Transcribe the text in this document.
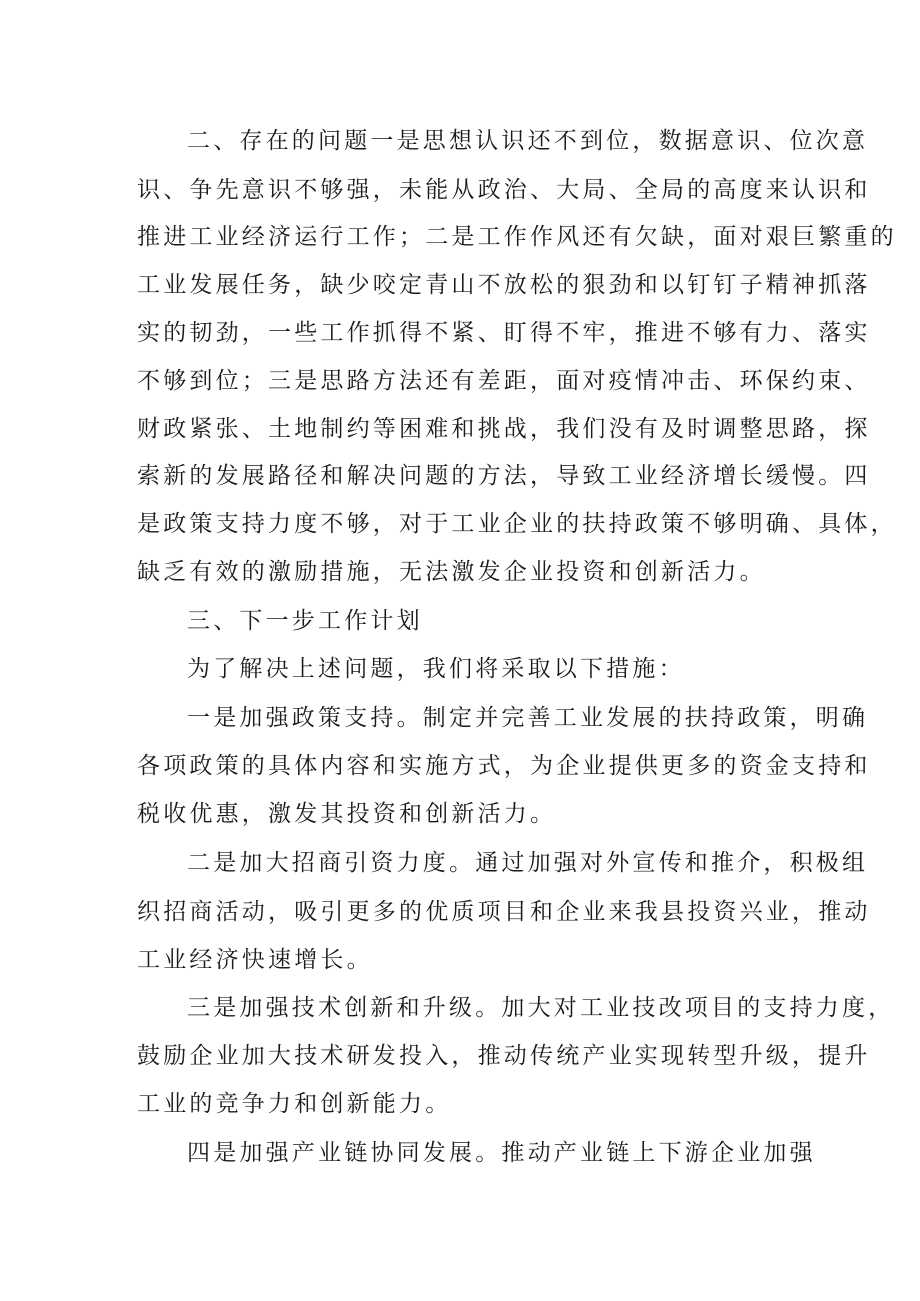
二、存在的问题一是思想认识还不到位，数据意识、位次意
识、争先意识不够强，未能从政治、大局、全局的高度来认识和
推进工业经济运行工作；二是工作作风还有欠缺，面对艰巨繁重的
工业发展任务，缺少咬定青山不放松的狠劲和以钉钉子精神抓落
实的韧劲，一些工作抓得不紧、盯得不牢，推进不够有力、落实
不够到位；三是思路方法还有差距，面对疫情冲击、环保约束、
财政紧张、土地制约等困难和挑战，我们没有及时调整思路，探
索新的发展路径和解决问题的方法，导致工业经济增长缓慢。四
是政策支持力度不够，对于工业企业的扶持政策不够明确、具体，
缺乏有效的激励措施，无法激发企业投资和创新活力。
三、下一步工作计划
为了解决上述问题，我们将采取以下措施：
一是加强政策支持。制定并完善工业发展的扶持政策，明确
各项政策的具体内容和实施方式，为企业提供更多的资金支持和
税收优惠，激发其投资和创新活力。
二是加大招商引资力度。通过加强对外宣传和推介，积极组
织招商活动，吸引更多的优质项目和企业来我县投资兴业，推动
工业经济快速增长。
三是加强技术创新和升级。加大对工业技改项目的支持力度，
鼓励企业加大技术研发投入，推动传统产业实现转型升级，提升
工业的竞争力和创新能力。
四是加强产业链协同发展。推动产业链上下游企业加强
